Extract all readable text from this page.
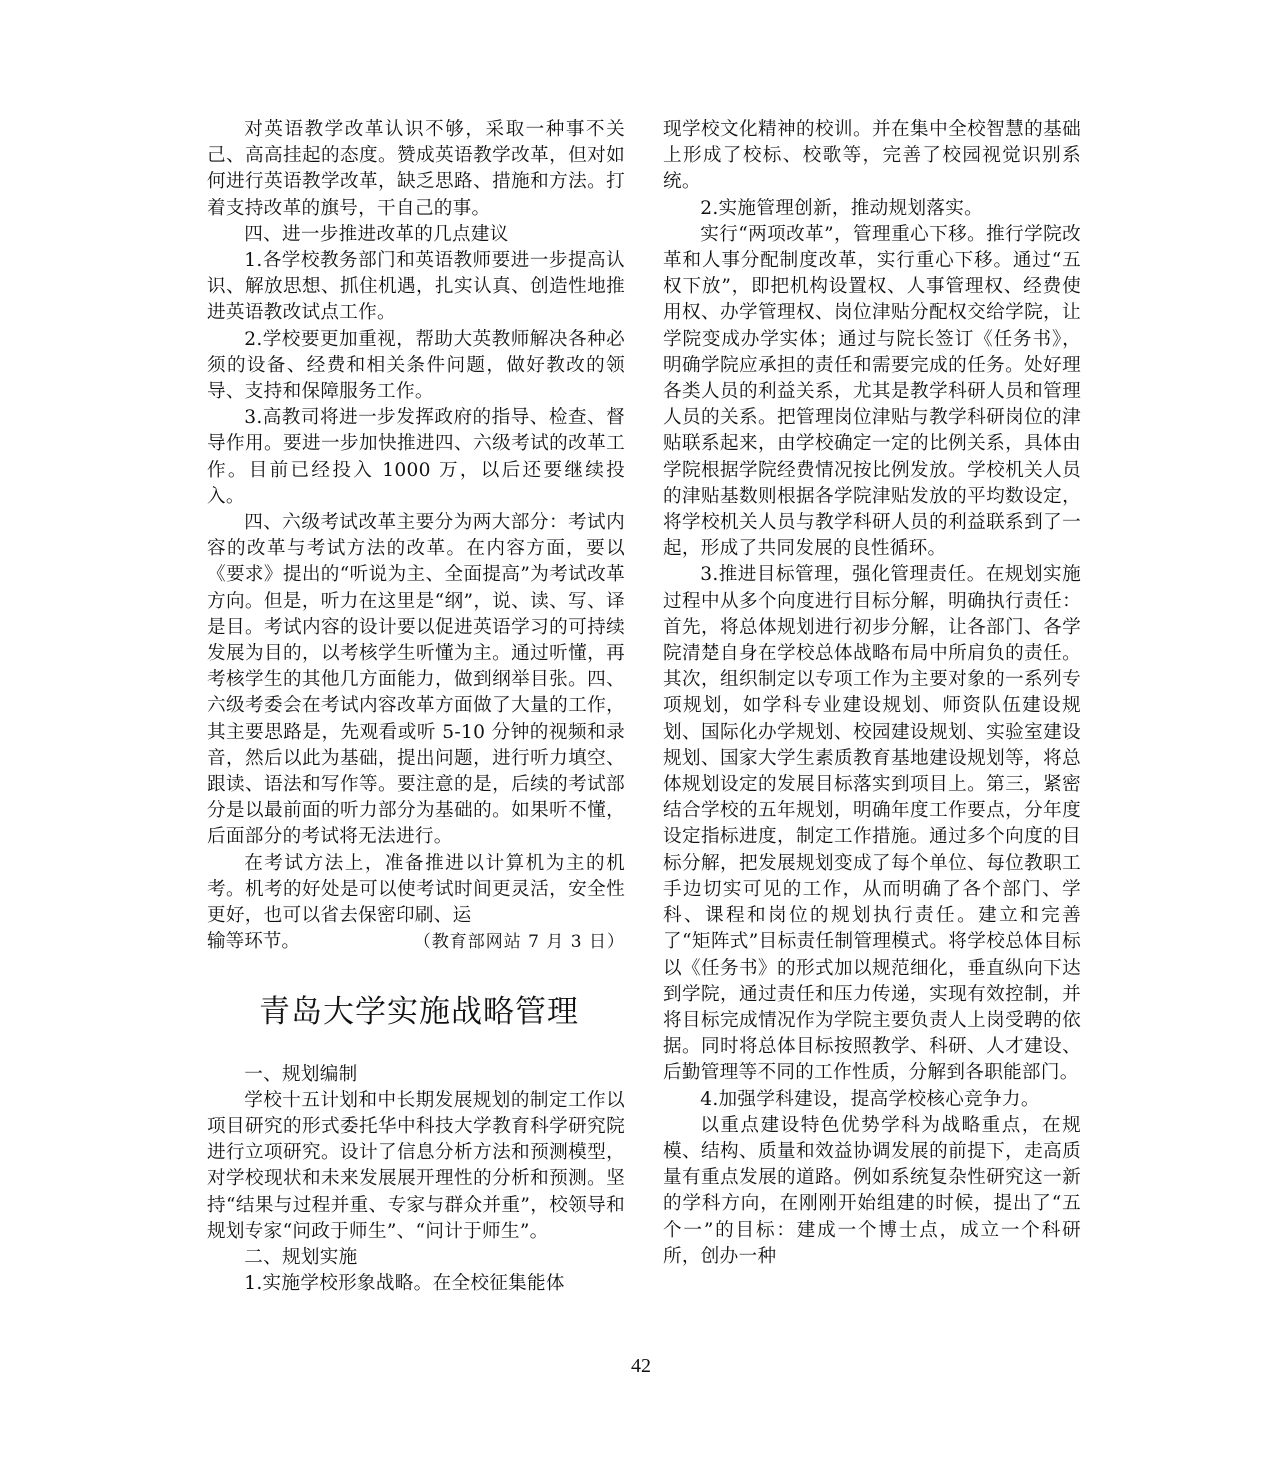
对英语教学改革认识不够，采取一种事不关己、高高挂起的态度。赞成英语教学改革，但对如何进行英语教学改革，缺乏思路、措施和方法。打着支持改革的旗号，干自己的事。

四、进一步推进改革的几点建议

1.各学校教务部门和英语教师要进一步提高认识、解放思想、抓住机遇，扎实认真、创造性地推进英语教改试点工作。

2.学校要更加重视，帮助大英教师解决各种必须的设备、经费和相关条件问题，做好教改的领导、支持和保障服务工作。

3.高教司将进一步发挥政府的指导、检查、督导作用。要进一步加快推进四、六级考试的改革工作。目前已经投入 1000 万，以后还要继续投入。

四、六级考试改革主要分为两大部分：考试内容的改革与考试方法的改革。在内容方面，要以《要求》提出的“听说为主、全面提高”为考试改革方向。但是，听力在这里是“纲”，说、读、写、译是目。考试内容的设计要以促进英语学习的可持续发展为目的，以考核学生听懂为主。通过听懂，再考核学生的其他几方面能力，做到纲举目张。四、六级考委会在考试内容改革方面做了大量的工作，其主要思路是，先观看或听 5-10 分钟的视频和录音，然后以此为基础，提出问题，进行听力填空、跟读、语法和写作等。要注意的是，后续的考试部分是以最前面的听力部分为基础的。如果听不懂，后面部分的考试将无法进行。

在考试方法上，准备推进以计算机为主的机考。机考的好处是可以使考试时间更灵活，安全性更好，也可以省去保密印刷、运

输等环节。	（教育部网站 7 月 3 日）
青岛大学实施战略管理

一、规划编制

学校十五计划和中长期发展规划的制定工作以项目研究的形式委托华中科技大学教育科学研究院进行立项研究。设计了信息分析方法和预测模型，对学校现状和未来发展展开理性的分析和预测。坚持“结果与过程并重、专家与群众并重”，校领导和规划专家“问政于师生”、“问计于师生”。

二、规划实施

1.实施学校形象战略。在全校征集能体

现学校文化精神的校训。并在集中全校智慧的基础上形成了校标、校歌等，完善了校园视觉识别系统。

2.实施管理创新，推动规划落实。

实行“两项改革”，管理重心下移。推行学院改革和人事分配制度改革，实行重心下移。通过“五权下放”，即把机构设置权、人事管理权、经费使用权、办学管理权、岗位津贴分配权交给学院，让学院变成办学实体；通过与院长签订《任务书》，明确学院应承担的责任和需要完成的任务。处好理各类人员的利益关系，尤其是教学科研人员和管理人员的关系。把管理岗位津贴与教学科研岗位的津贴联系起来，由学校确定一定的比例关系，具体由学院根据学院经费情况按比例发放。学校机关人员的津贴基数则根据各学院津贴发放的平均数设定，将学校机关人员与教学科研人员的利益联系到了一起，形成了共同发展的良性循环。

3.推进目标管理，强化管理责任。在规划实施过程中从多个向度进行目标分解，明确执行责任：首先，将总体规划进行初步分解，让各部门、各学院清楚自身在学校总体战略布局中所肩负的责任。其次，组织制定以专项工作为主要对象的一系列专项规划，如学科专业建设规划、师资队伍建设规划、国际化办学规划、校园建设规划、实验室建设规划、国家大学生素质教育基地建设规划等，将总体规划设定的发展目标落实到项目上。第三，紧密结合学校的五年规划，明确年度工作要点，分年度设定指标进度，制定工作措施。通过多个向度的目标分解，把发展规划变成了每个单位、每位教职工手边切实可见的工作，从而明确了各个部门、学科、课程和岗位的规划执行责任。建立和完善了“矩阵式”目标责任制管理模式。将学校总体目标以《任务书》的形式加以规范细化，垂直纵向下达到学院，通过责任和压力传递，实现有效控制，并将目标完成情况作为学院主要负责人上岗受聘的依据。同时将总体目标按照教学、科研、人才建设、后勤管理等不同的工作性质，分解到各职能部门。

4.加强学科建设，提高学校核心竞争力。

以重点建设特色优势学科为战略重点，在规模、结构、质量和效益协调发展的前提下，走高质量有重点发展的道路。例如系统复杂性研究这一新的学科方向，在刚刚开始组建的时候，提出了“五个一”的目标：建成一个博士点，成立一个科研所，创办一种

42
